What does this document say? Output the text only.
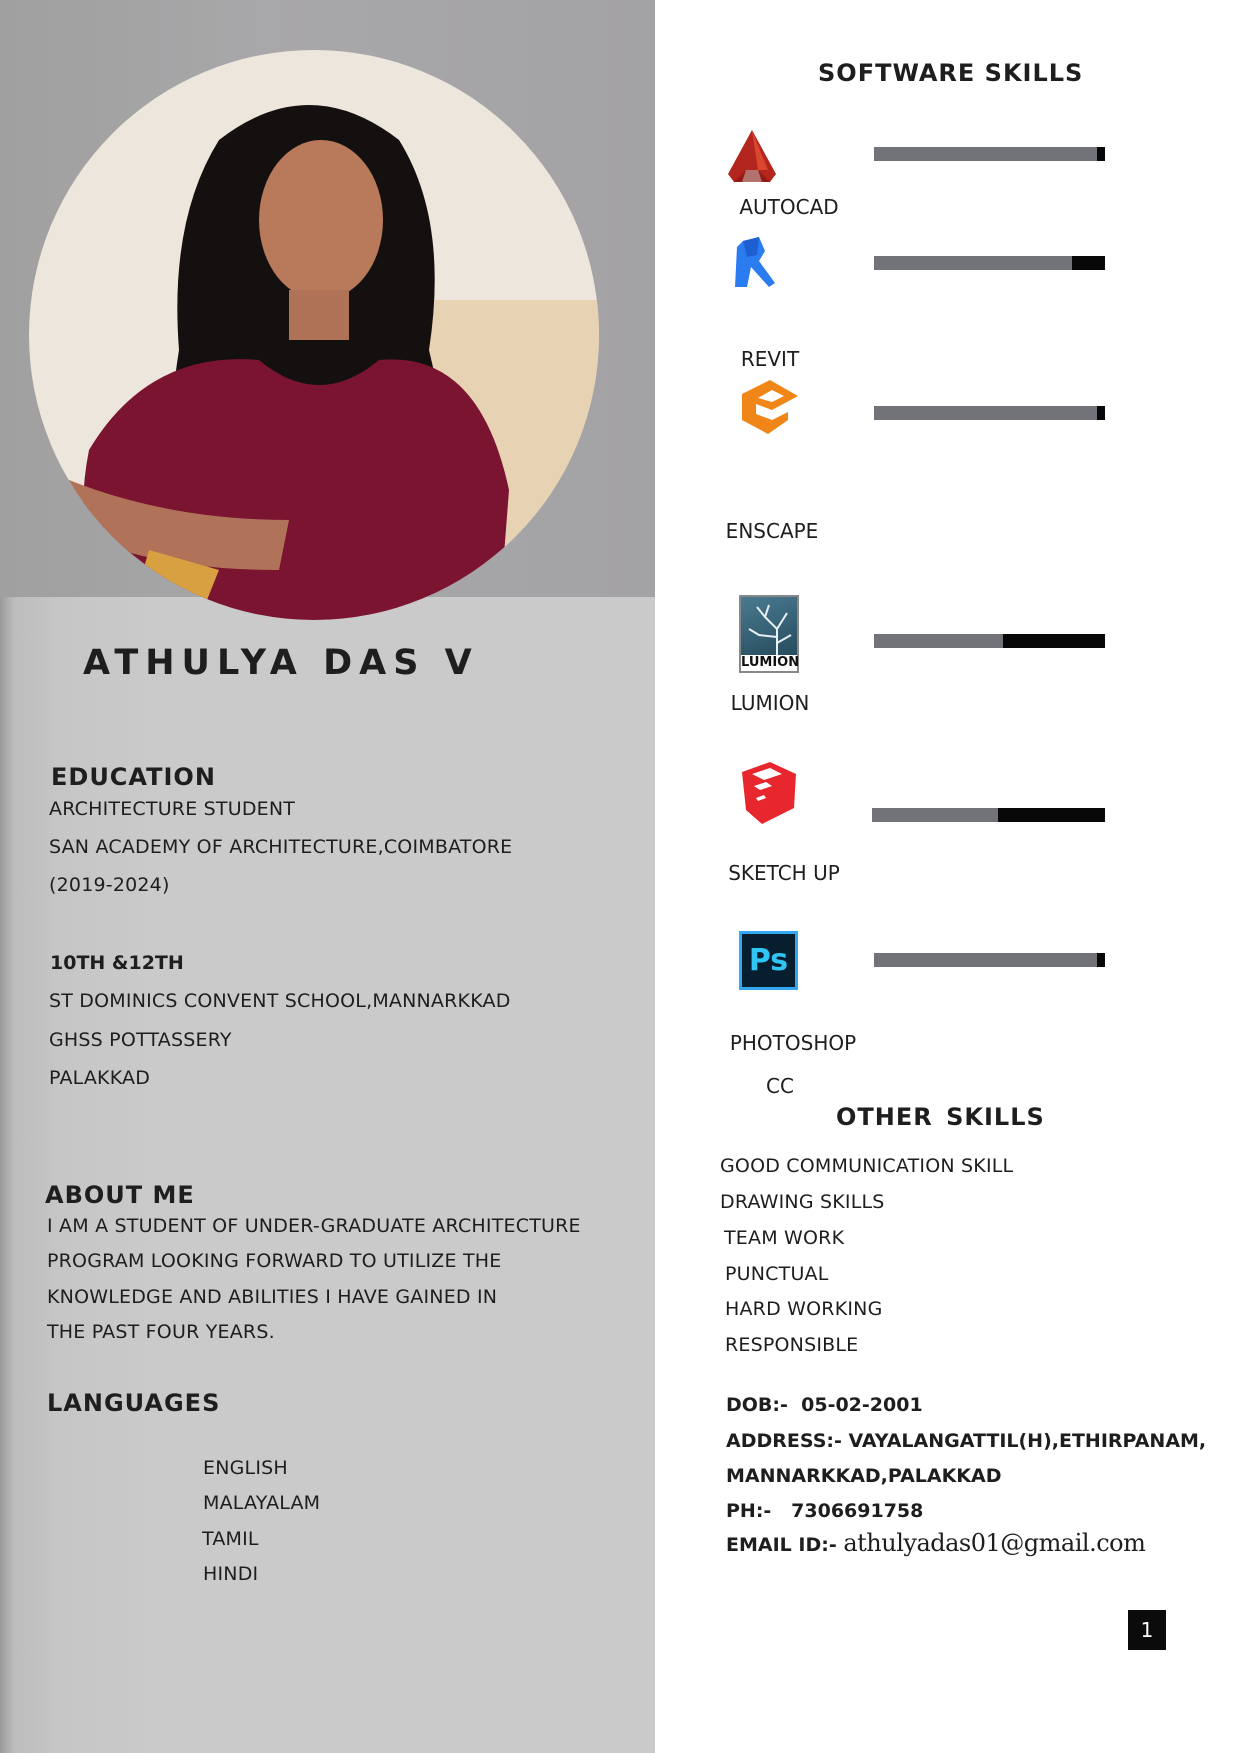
ATHULYA DAS V
EDUCATION
ARCHITECTURE STUDENT
SAN ACADEMY OF ARCHITECTURE,COIMBATORE
(2019-2024)
10TH &12TH
ST DOMINICS CONVENT SCHOOL,MANNARKKAD
GHSS POTTASSERY
PALAKKAD
ABOUT ME
I AM A STUDENT OF UNDER-GRADUATE ARCHITECTURE
PROGRAM LOOKING FORWARD TO UTILIZE THE
KNOWLEDGE AND ABILITIES I HAVE GAINED IN
THE PAST FOUR YEARS.
LANGUAGES
ENGLISH
MALAYALAM
TAMIL
HINDI
SOFTWARE SKILLS
AUTOCAD
REVIT
ENSCAPE
LUMION
LUMION
SKETCH UP
Ps
PHOTOSHOP
CC
OTHER SKILLS
GOOD COMMUNICATION SKILL
DRAWING SKILLS
TEAM WORK
PUNCTUAL
HARD WORKING
RESPONSIBLE
DOB:- 05-02-2001
ADDRESS:- VAYALANGATTIL(H),ETHIRPANAM,
MANNARKKAD,PALAKKAD
PH:- 7306691758
EMAIL ID:- athulyadas01@gmail.com
1
